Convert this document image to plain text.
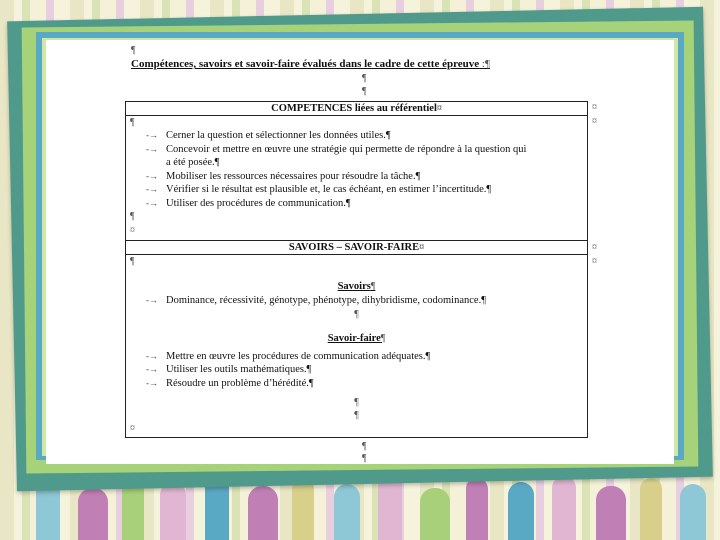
¶
Compétences, savoirs et savoir-faire évalués dans le cadre de cette épreuve :¶
¶
¶
COMPETENCES liées au référentiel¤

¶
-→ Cerner la question et sélectionner les données utiles.¶
-→ Concevoir et mettre en œuvre une stratégie qui permette de répondre à la question qui
a été posée.¶
-→ Mobiliser les ressources nécessaires pour résoudre la tâche.¶
-→ Vérifier si le résultat est plausible et, le cas échéant, en estimer l’incertitude.¶
-→ Utiliser des procédures de communication.¶
¶
¤

SAVOIRS – SAVOIR-FAIRE¤

¶

Savoirs¶

-→ Dominance, récessivité, génotype, phénotype, dihybridisme, codominance.¶
¶

Savoir-faire¶

-→ Mettre en œuvre les procédures de communication adéquates.¶
-→ Utiliser les outils mathématiques.¶
-→ Résoudre un problème d’hérédité.¶
¶
¶
¤
¤
¤
¤
¤
¶
¶
